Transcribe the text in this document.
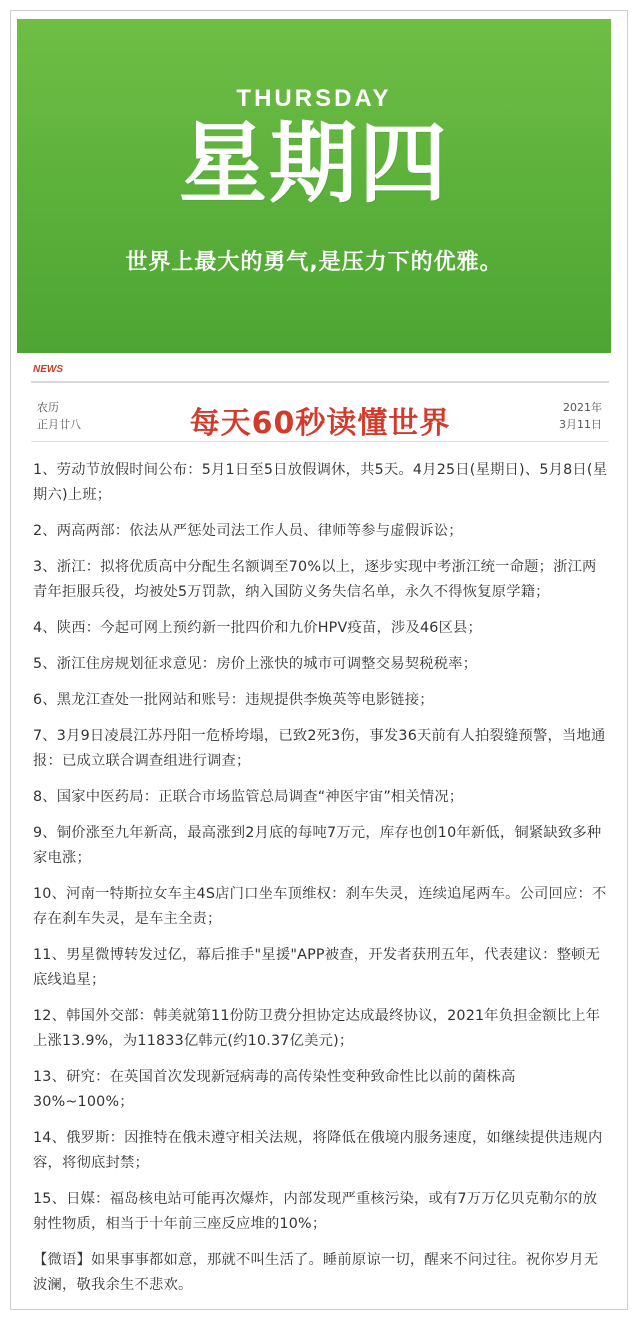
THURSDAY
星期四
世界上最大的勇气,是压力下的优雅。
NEWS
农历
正月廿八	每天60秒读懂世界	2021年
3月11日

1、劳动节放假时间公布：5月1日至5日放假调休，共5天。4月25日(星期日)、5月8日(星期六)上班；

2、两高两部：依法从严惩处司法工作人员、律师等参与虚假诉讼；

3、浙江：拟将优质高中分配生名额调至70%以上，逐步实现中考浙江统一命题；浙江两青年拒服兵役，均被处5万罚款，纳入国防义务失信名单，永久不得恢复原学籍；

4、陕西：今起可网上预约新一批四价和九价HPV疫苗，涉及46区县；

5、浙江住房规划征求意见：房价上涨快的城市可调整交易契税税率；

6、黑龙江查处一批网站和账号：违规提供李焕英等电影链接；

7、3月9日凌晨江苏丹阳一危桥垮塌，已致2死3伤，事发36天前有人拍裂缝预警，当地通报：已成立联合调查组进行调查；

8、国家中医药局：正联合市场监管总局调查“神医宇宙”相关情况；

9、铜价涨至九年新高，最高涨到2月底的每吨7万元，库存也创10年新低，铜紧缺致多种家电涨；

10、河南一特斯拉女车主4S店门口坐车顶维权：刹车失灵，连续追尾两车。公司回应：不存在刹车失灵，是车主全责；

11、男星微博转发过亿，幕后推手"星援"APP被查，开发者获刑五年，代表建议：整顿无底线追星；

12、韩国外交部：韩美就第11份防卫费分担协定达成最终协议，2021年负担金额比上年上涨13.9%，为11833亿韩元(约10.37亿美元)；

13、研究：在英国首次发现新冠病毒的高传染性变种致命性比以前的菌株高30%~100%；

14、俄罗斯：因推特在俄未遵守相关法规，将降低在俄境内服务速度，如继续提供违规内容，将彻底封禁；

15、日媒：福岛核电站可能再次爆炸，内部发现严重核污染，或有7万万亿贝克勒尔的放射性物质，相当于十年前三座反应堆的10%；

【微语】如果事事都如意，那就不叫生活了。睡前原谅一切，醒来不问过往。祝你岁月无波澜，敬我余生不悲欢。
